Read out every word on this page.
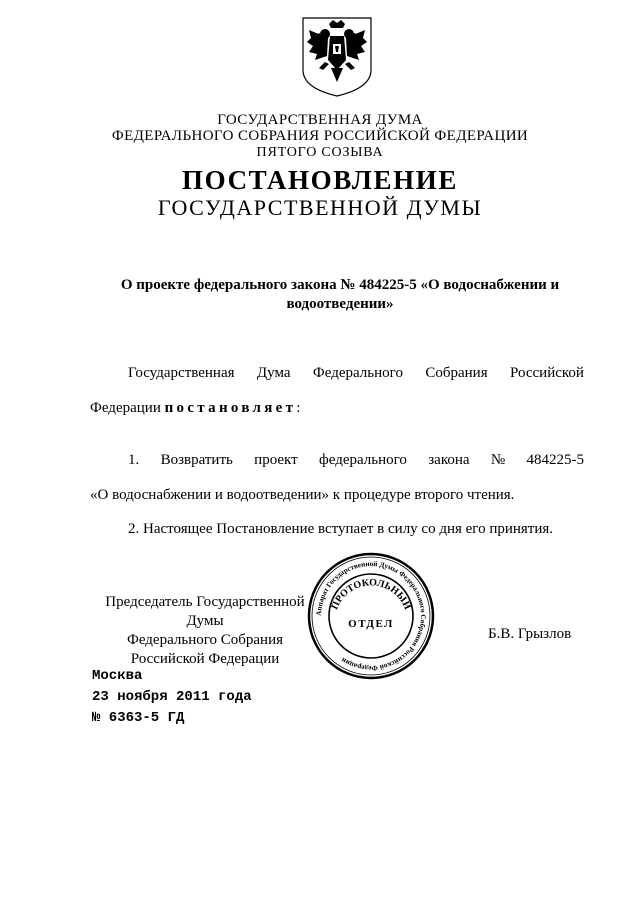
ГОСУДАРСТВЕННАЯ ДУМА
ФЕДЕРАЛЬНОГО СОБРАНИЯ РОССИЙСКОЙ ФЕДЕРАЦИИ
ПЯТОГО СОЗЫВА
ПОСТАНОВЛЕНИЕ
ГОСУДАРСТВЕННОЙ ДУМЫ
О проекте федерального закона № 484225-5 «О водоснабжении и
водоотведении»
Государственная Дума Федерального Собрания Российской
Федерации постановляет:
1. Возвратить проект федерального закона № 484225-5
«О водоснабжении и водоотведении» к процедуре второго чтения.
2. Настоящее Постановление вступает в силу со дня его принятия.
Председатель Государственной Думы
Федерального Собрания
Российской Федерации
Б.В. Грызлов
Аппарат Государственной Думы Федерального Собрания Российской Федерации
ПРОТОКОЛЬНЫЙ
ОТДЕЛ
Москва
23 ноября 2011 года
№ 6363-5 ГД
